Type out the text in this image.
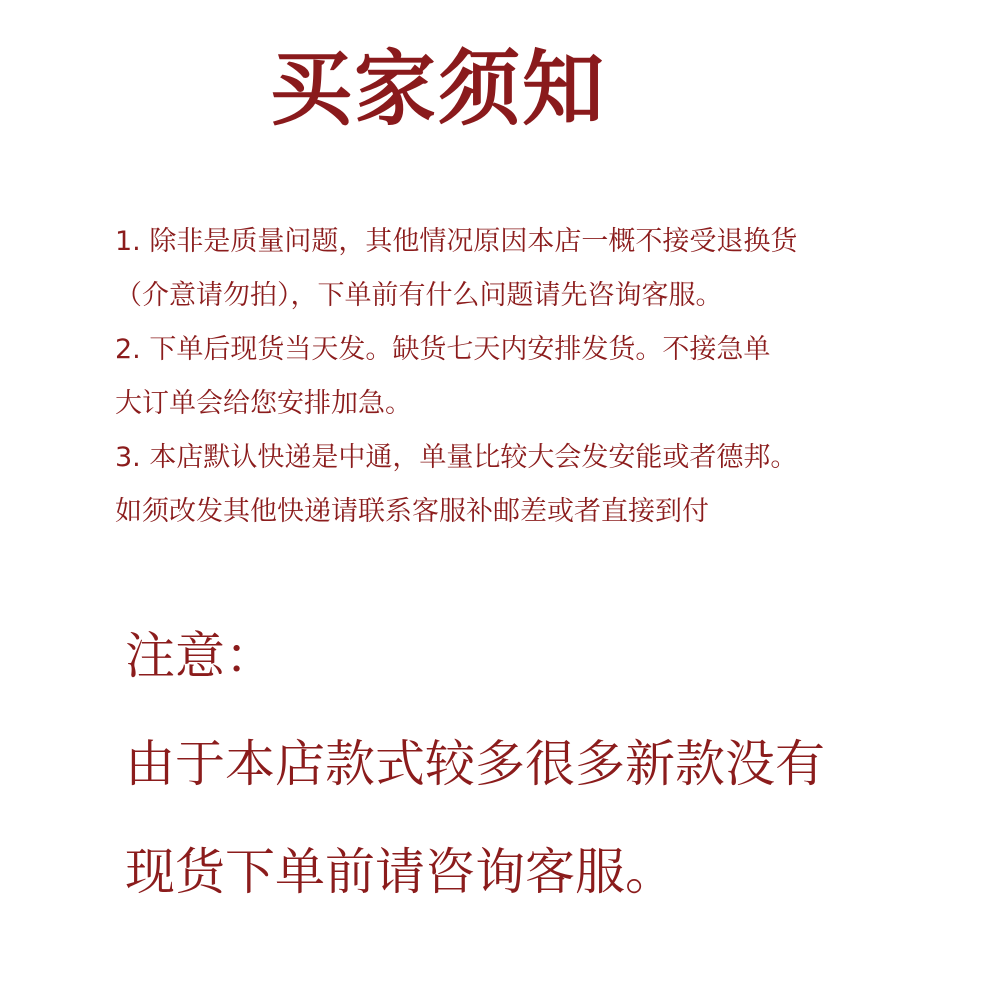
买家须知
1. 除非是质量问题，其他情况原因本店一概不接受退换货
（介意请勿拍），下单前有什么问题请先咨询客服。
2. 下单后现货当天发。缺货七天内安排发货。不接急单
大订单会给您安排加急。
3. 本店默认快递是中通，单量比较大会发安能或者德邦。
如须改发其他快递请联系客服补邮差或者直接到付
注意：
由于本店款式较多很多新款没有
现货下单前请咨询客服。
